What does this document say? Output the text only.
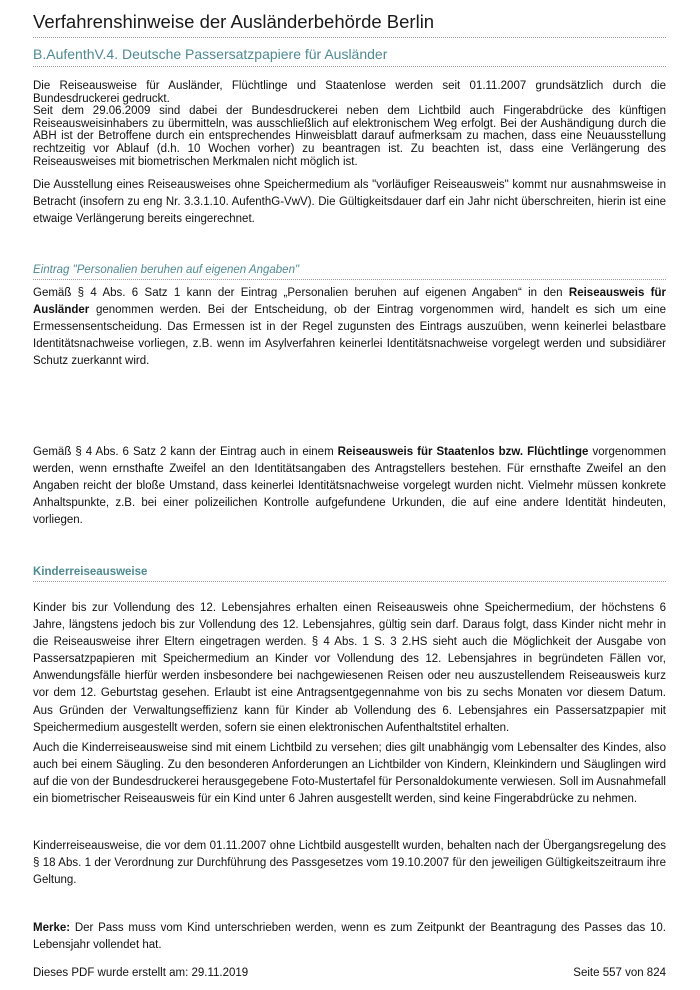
Verfahrenshinweise der Ausländerbehörde Berlin
B.AufenthV.4. Deutsche Passersatzpapiere für Ausländer

Die Reiseausweise für Ausländer, Flüchtlinge und Staatenlose werden seit 01.11.2007 grundsätzlich durch die Bundesdruckerei gedruckt.
Seit dem 29.06.2009 sind dabei der Bundesdruckerei neben dem Lichtbild auch Fingerabdrücke des künftigen Reiseausweisinhabers zu übermitteln, was ausschließlich auf elektronischem Weg erfolgt. Bei der Aushändigung durch die ABH ist der Betroffene durch ein entsprechendes Hinweisblatt darauf aufmerksam zu machen, dass eine Neuausstellung rechtzeitig vor Ablauf (d.h. 10 Wochen vorher) zu beantragen ist. Zu beachten ist, dass eine Verlängerung des Reiseausweises mit biometrischen Merkmalen nicht möglich ist.

Die Ausstellung eines Reiseausweises ohne Speichermedium als "vorläufiger Reiseausweis" kommt nur ausnahmsweise in Betracht (insofern zu eng Nr. 3.3.1.10. AufenthG-VwV). Die Gültigkeitsdauer darf ein Jahr nicht überschreiten, hierin ist eine etwaige Verlängerung bereits eingerechnet.

Eintrag "Personalien beruhen auf eigenen Angaben"

Gemäß § 4 Abs. 6 Satz 1 kann der Eintrag „Personalien beruhen auf eigenen Angaben“ in den Reiseausweis für Ausländer genommen werden. Bei der Entscheidung, ob der Eintrag vorgenommen wird, handelt es sich um eine Ermessensentscheidung. Das Ermessen ist in der Regel zugunsten des Eintrags auszuüben, wenn keinerlei belastbare Identitätsnachweise vorliegen, z.B. wenn im Asylverfahren keinerlei Identitätsnachweise vorgelegt werden und subsidiärer Schutz zuerkannt wird.

Gemäß § 4 Abs. 6 Satz 2 kann der Eintrag auch in einem Reiseausweis für Staatenlos bzw. Flüchtlinge vorgenommen werden, wenn ernsthafte Zweifel an den Identitätsangaben des Antragstellers bestehen. Für ernsthafte Zweifel an den Angaben reicht der bloße Umstand, dass keinerlei Identitätsnachweise vorgelegt wurden nicht. Vielmehr müssen konkrete Anhaltspunkte, z.B. bei einer polizeilichen Kontrolle aufgefundene Urkunden, die auf eine andere Identität hindeuten, vorliegen.

Kinderreiseausweise

Kinder bis zur Vollendung des 12. Lebensjahres erhalten einen Reiseausweis ohne Speichermedium, der höchstens 6 Jahre, längstens jedoch bis zur Vollendung des 12. Lebensjahres, gültig sein darf. Daraus folgt, dass Kinder nicht mehr in die Reiseausweise ihrer Eltern eingetragen werden. § 4 Abs. 1 S. 3 2.HS sieht auch die Möglichkeit der Ausgabe von Passersatzpapieren mit Speichermedium an Kinder vor Vollendung des 12. Lebensjahres in begründeten Fällen vor, Anwendungsfälle hierfür werden insbesondere bei nachgewiesenen Reisen oder neu auszustellendem Reiseausweis kurz vor dem 12. Geburtstag gesehen. Erlaubt ist eine Antragsentgegennahme von bis zu sechs Monaten vor diesem Datum. Aus Gründen der Verwaltungseffizienz kann für Kinder ab Vollendung des 6. Lebensjahres ein Passersatzpapier mit Speichermedium ausgestellt werden, sofern sie einen elektronischen Aufenthaltstitel erhalten.

Auch die Kinderreiseausweise sind mit einem Lichtbild zu versehen; dies gilt unabhängig vom Lebensalter des Kindes, also auch bei einem Säugling. Zu den besonderen Anforderungen an Lichtbilder von Kindern, Kleinkindern und Säuglingen wird auf die von der Bundesdruckerei herausgegebene Foto-Mustertafel für Personaldokumente verwiesen. Soll im Ausnahmefall ein biometrischer Reiseausweis für ein Kind unter 6 Jahren ausgestellt werden, sind keine Fingerabdrücke zu nehmen.

Kinderreiseausweise, die vor dem 01.11.2007 ohne Lichtbild ausgestellt wurden, behalten nach der Übergangsregelung des § 18 Abs. 1 der Verordnung zur Durchführung des Passgesetzes vom 19.10.2007 für den jeweiligen Gültigkeitszeitraum ihre Geltung.

Merke: Der Pass muss vom Kind unterschrieben werden, wenn es zum Zeitpunkt der Beantragung des Passes das 10. Lebensjahr vollendet hat.

Dieses PDF wurde erstellt am: 29.11.2019	Seite 557 von 824
